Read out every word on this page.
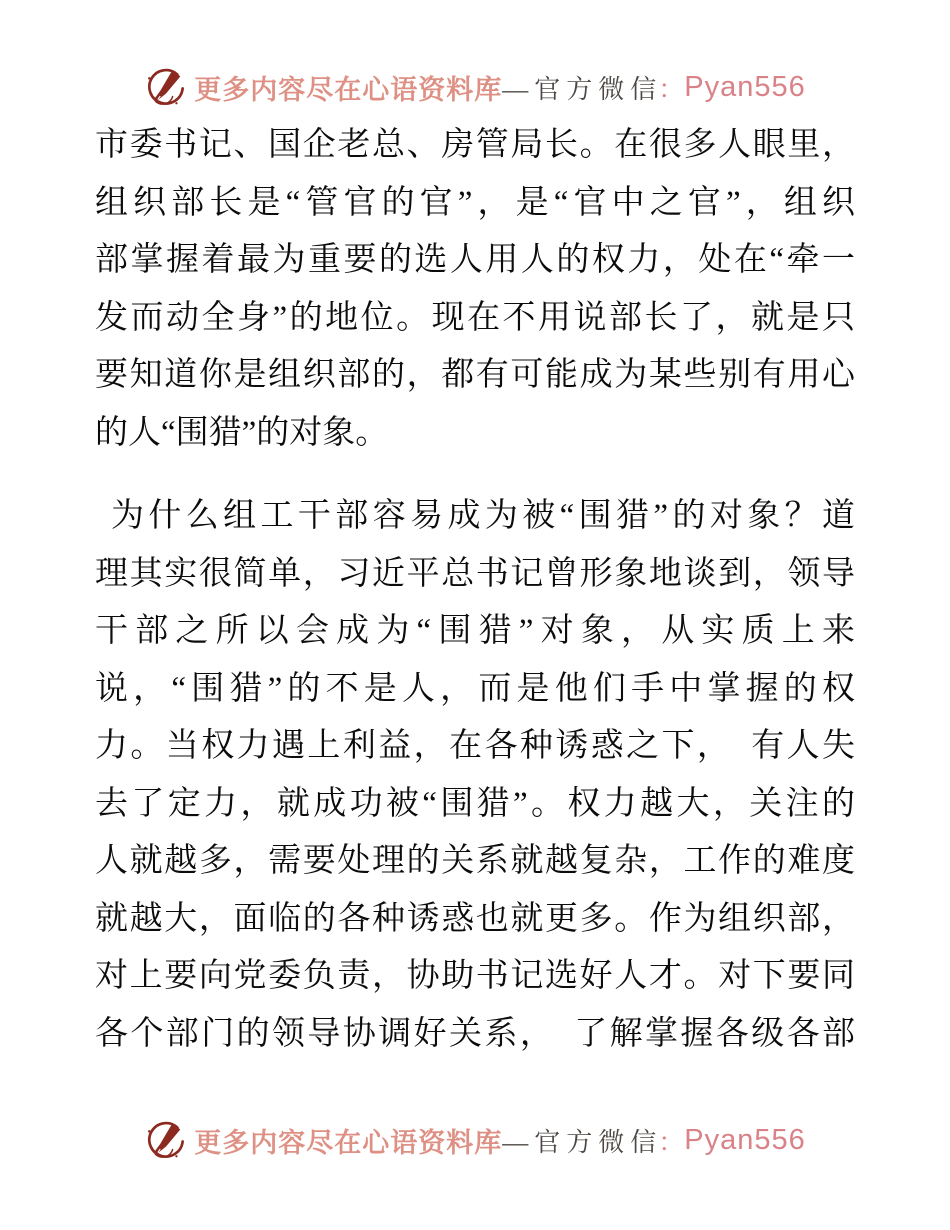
更多内容尽在心语资料库 —官方微信
： Pyan556
市委书记、国企老总、房管局长。在很多人眼里，
组织部长是“管官的官”，是“官中之官”，组织
部掌握着最为重要的选人用人的权力，处在“牵一
发而动全身”的地位。现在不用说部长了，就是只
要知道你是组织部的，都有可能成为某些别有用心
的人“围猎”的对象。
为什么组工干部容易成为被“围猎”的对象？道
理其实很简单，习近平总书记曾形象地谈到，领导
干部之所以会成为“围猎”对象，从实质上来
说，“围猎”的不是人，而是他们手中掌握的权
力。当权力遇上利益，在各种诱惑之下，　有人失
去了定力，就成功被“围猎”。权力越大，关注的
人就越多，需要处理的关系就越复杂，工作的难度
就越大，面临的各种诱惑也就更多。作为组织部，
对上要向党委负责，协助书记选好人才。对下要同
各个部门的领导协调好关系，　了解掌握各级各部
更多内容尽在心语资料库 —官方微信
： Pyan556
